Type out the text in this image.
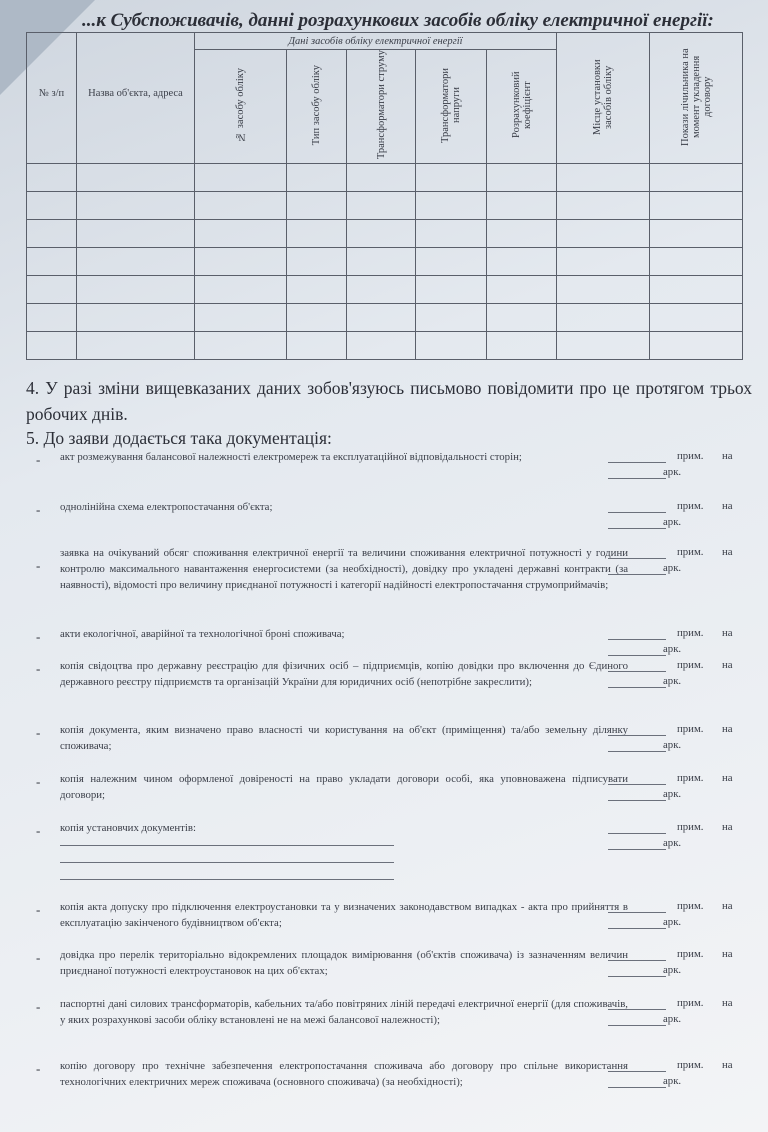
...к Субспоживачів, данні розрахункових засобів обліку електричної енергії:
№ з/п	Назва об'єкта, адреса	Дані засобів обліку електричної енергії					Місце установки засобів обліку	Покази лічильника на момент укладення договору
		№ засобу обліку	Тип засобу обліку	Трансформатори струму	Трансформатори напруги	Розрахунковий коефіцієнт		

4. У разі зміни вищевказаних даних зобов'язуюсь письмово повідомити про це протягом трьох робочих днів.
5. До заяви додається така документація:
- акт розмежування балансової належності електромереж та експлуатаційної відповідальності сторін;	прим. на
арк.
- однолінійна схема електропостачання об'єкта;	прим. на
арк.
-
заявка на очікуваний обсяг споживання електричної енергії та величини споживання електричної потужності у години контролю максимального навантаження енергосистеми (за необхідності), довідку про укладені державні контракти (за наявності), відомості про величину приєднаної потужності і категорії надійності електропостачання струмоприймачів;
прим. на
арк.
- акти екологічної, аварійної та технологічної броні споживача;	прим. на
арк.
- копія свідоцтва про державну реєстрацію для фізичних осіб – підприємців, копію довідки про включення до Єдиного державного реєстру підприємств та організацій України для юридичних осіб (непотрібне закреслити);
прим. на
арк.
- копія документа, яким визначено право власності чи користування на об'єкт (приміщення) та/або земельну ділянку споживача;
прим. на
арк.
- копія належним чином оформленої довіреності на право укладати договори особі, яка уповноважена підписувати договори;
прим. на
арк.
- копія установчих документів:	прим. на
арк.
- копія акта допуску про підключення електроустановки та у визначених законодавством випадках - акта про прийняття в експлуатацію закінченого будівництвом об'єкта;
прим. на
арк.
- довідка про перелік територіально відокремлених площадок вимірювання (об'єктів споживача) із зазначенням величин приєднаної потужності електроустановок на цих об'єктах;
прим. на
арк.
- паспортні дані силових трансформаторів, кабельних та/або повітряних ліній передачі електричної енергії (для споживачів, у яких розрахункові засоби обліку встановлені не на межі балансової належності);
прим. на
арк.
- копію договору про технічне забезпечення електропостачання споживача або договору про спільне використання технологічних електричних мереж споживача (основного споживача) (за необхідності);
прим. на
арк.
